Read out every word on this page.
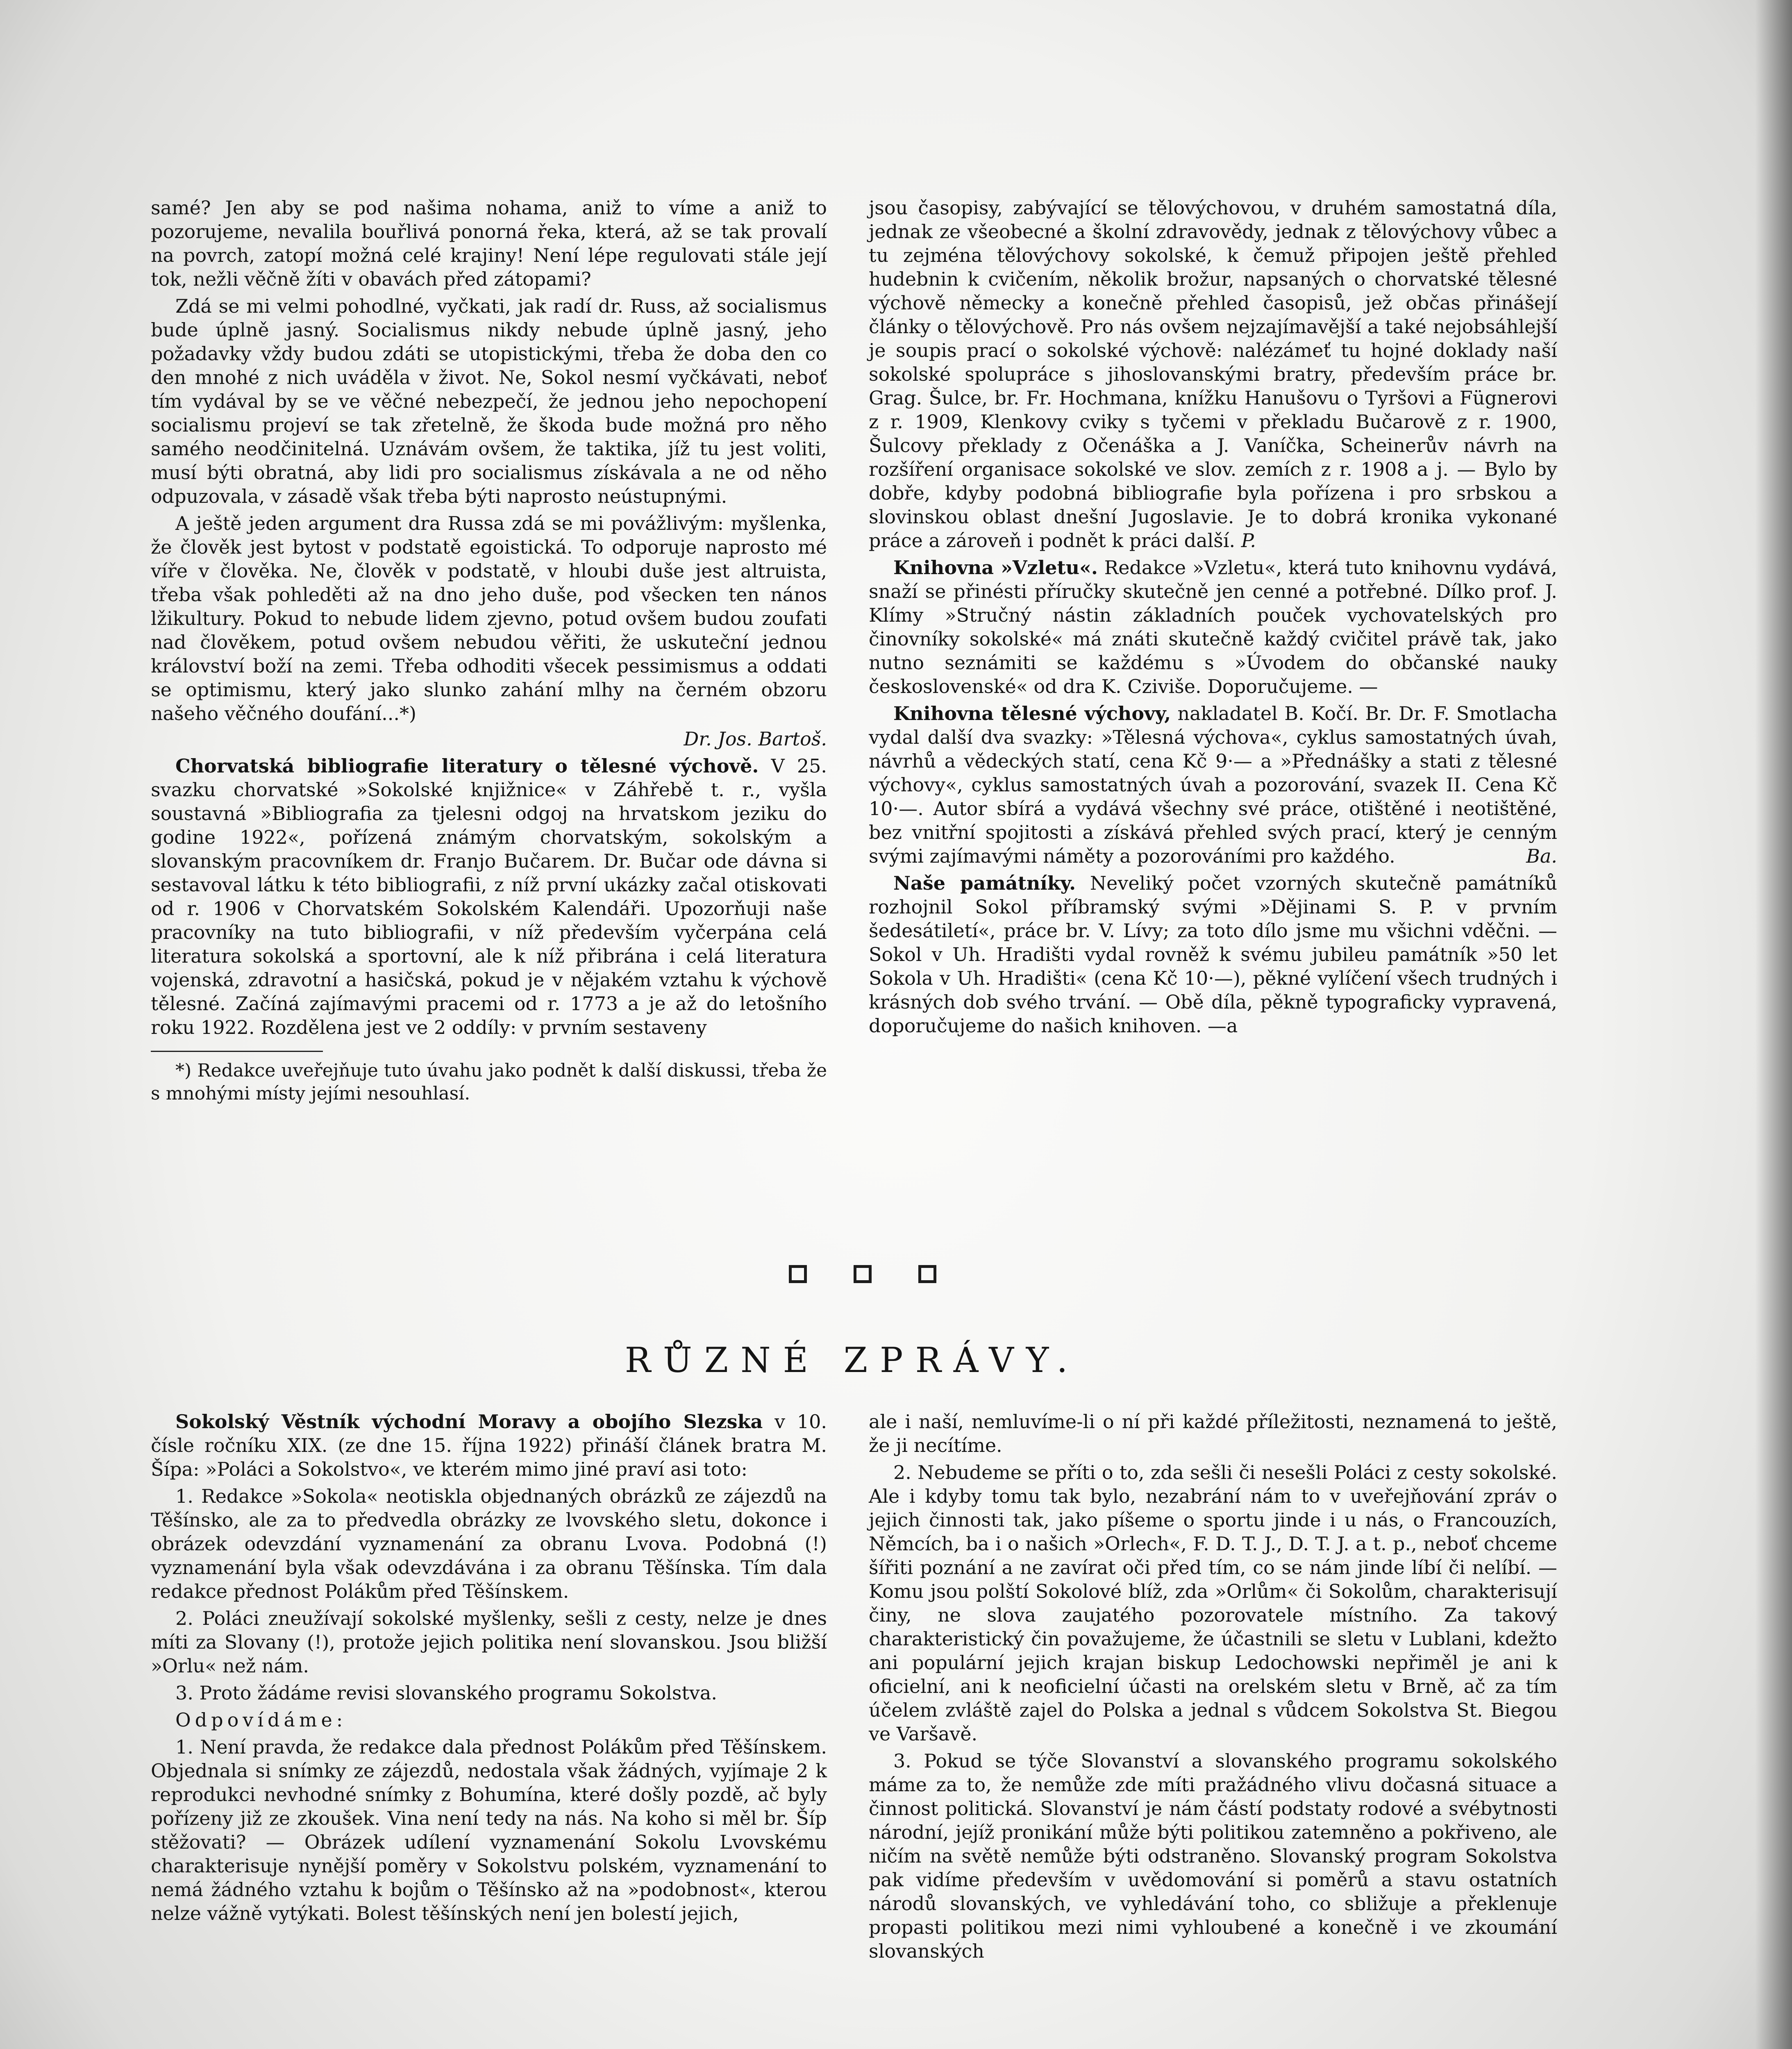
samé? Jen aby se pod našima nohama, aniž to víme a aniž to pozorujeme, nevalila bouřlivá ponorná řeka, která, až se tak provalí na povrch, zatopí možná celé krajiny! Není lépe regulovati stále její tok, nežli věčně žíti v obavách před zátopami?

Zdá se mi velmi pohodlné, vyčkati, jak radí dr. Russ, až socialismus bude úplně jasný. Socialismus nikdy nebude úplně jasný, jeho požadavky vždy budou zdáti se utopistickými, třeba že doba den co den mnohé z nich uváděla v život. Ne, Sokol nesmí vyčkávati, neboť tím vydával by se ve věčné nebezpečí, že jednou jeho nepochopení socialismu projeví se tak zřetelně, že škoda bude možná pro něho samého neodčinitelná. Uznávám ovšem, že taktika, jíž tu jest voliti, musí býti obratná, aby lidi pro socialismus získávala a ne od něho odpuzovala, v zásadě však třeba býti naprosto neústupnými.

A ještě jeden argument dra Russa zdá se mi povážlivým: myšlenka, že člověk jest bytost v podstatě egoistická. To odporuje naprosto mé víře v člověka. Ne, člověk v podstatě, v hloubi duše jest altruista, třeba však pohleděti až na dno jeho duše, pod všecken ten nános lžikultury. Pokud to nebude lidem zjevno, potud ovšem budou zoufati nad člověkem, potud ovšem nebudou věřiti, že uskuteční jednou království boží na zemi. Třeba odhoditi všecek pessimismus a oddati se optimismu, který jako slunko zahání mlhy na černém obzoru našeho věčného doufání...*)

Dr. Jos. Bartoš.

Chorvatská bibliografie literatury o tělesné výchově. V 25. svazku chorvatské »Sokolské knjižnice« v Záhřebě t. r., vyšla soustavná »Bibliografia za tjelesni odgoj na hrvatskom jeziku do godine 1922«, pořízená známým chorvatským, sokolským a slovanským pracovníkem dr. Franjo Bučarem. Dr. Bučar ode dávna si sestavoval látku k této bibliografii, z níž první ukázky začal otiskovati od r. 1906 v Chorvatském Sokolském Kalendáři. Upozorňuji naše pracovníky na tuto bibliografii, v níž především vyčerpána celá literatura sokolská a sportovní, ale k níž přibrána i celá literatura vojenská, zdravotní a hasičská, pokud je v nějakém vztahu k výchově tělesné. Začíná zajímavými pracemi od r. 1773 a je až do letošního roku 1922. Rozdělena jest ve 2 oddíly: v prvním sestaveny

*) Redakce uveřejňuje tuto úvahu jako podnět k další diskussi, třeba že s mnohými místy jejími nesouhlasí.

jsou časopisy, zabývající se tělovýchovou, v druhém samostatná díla, jednak ze všeobecné a školní zdravovědy, jednak z tělovýchovy vůbec a tu zejména tělovýchovy sokolské, k čemuž připojen ještě přehled hudebnin k cvičením, několik brožur, napsaných o chorvatské tělesné výchově německy a konečně přehled časopisů, jež občas přinášejí články o tělovýchově. Pro nás ovšem nejzajímavější a také nejobsáhlejší je soupis prací o sokolské výchově: nalézámeť tu hojné doklady naší sokolské spolupráce s jihoslovanskými bratry, především práce br. Grag. Šulce, br. Fr. Hochmana, knížku Hanušovu o Tyršovi a Fügnerovi z r. 1909, Klenkovy cviky s tyčemi v překladu Bučarově z r. 1900, Šulcovy překlady z Očenáška a J. Vaníčka, Scheinerův návrh na rozšíření organisace sokolské ve slov. zemích z r. 1908 a j. — Bylo by dobře, kdyby podobná bibliografie byla pořízena i pro srbskou a slovinskou oblast dnešní Jugoslavie. Je to dobrá kronika vykonané práce a zároveň i podnět k práci další. P.

Knihovna »Vzletu«. Redakce »Vzletu«, která tuto knihovnu vydává, snaží se přinésti příručky skutečně jen cenné a potřebné. Dílko prof. J. Klímy »Stručný nástin základních pouček vychovatelských pro činovníky sokolské« má znáti skutečně každý cvičitel právě tak, jako nutno seznámiti se každému s »Úvodem do občanské nauky československé« od dra K. Cziviše. Doporučujeme. —

Knihovna tělesné výchovy, nakladatel B. Kočí. Br. Dr. F. Smotlacha vydal další dva svazky: »Tělesná výchova«, cyklus samostatných úvah, návrhů a vědeckých statí, cena Kč 9·— a »Přednášky a stati z tělesné výchovy«, cyklus samostatných úvah a pozorování, svazek II. Cena Kč 10·—. Autor sbírá a vydává všechny své práce, otištěné i neotištěné, bez vnitřní spojitosti a získává přehled svých prací, který je cenným svými zajímavými náměty a pozorováními pro každého.	Ba.

Naše památníky. Neveliký počet vzorných skutečně památníků rozhojnil Sokol příbramský svými »Dějinami S. P. v prvním šedesátiletí«, práce br. V. Lívy; za toto dílo jsme mu všichni vděčni. — Sokol v Uh. Hradišti vydal rovněž k svému jubileu památník »50 let Sokola v Uh. Hradišti« (cena Kč 10·—), pěkné vylíčení všech trudných i krásných dob svého trvání. — Obě díla, pěkně typograficky vypravená, doporučujeme do našich knihoven. —a

RŮZNÉ ZPRÁVY.

Sokolský Věstník východní Moravy a obojího Slezska v 10. čísle ročníku XIX. (ze dne 15. října 1922) přináší článek bratra M. Šípa: »Poláci a Sokolstvo«, ve kterém mimo jiné praví asi toto:

1. Redakce »Sokola« neotiskla objednaných obrázků ze zájezdů na Těšínsko, ale za to předvedla obrázky ze lvovského sletu, dokonce i obrázek odevzdání vyznamenání za obranu Lvova. Podobná (!) vyznamenání byla však odevzdávána i za obranu Těšínska. Tím dala redakce přednost Polákům před Těšínskem.

2. Poláci zneužívají sokolské myšlenky, sešli z cesty, nelze je dnes míti za Slovany (!), protože jejich politika není slovanskou. Jsou bližší »Orlu« než nám.

3. Proto žádáme revisi slovanského programu Sokolstva.

Odpovídáme:

1. Není pravda, že redakce dala přednost Polákům před Těšínskem. Objednala si snímky ze zájezdů, nedostala však žádných, vyjímaje 2 k reprodukci nevhodné snímky z Bohumína, které došly pozdě, ač byly pořízeny již ze zkoušek. Vina není tedy na nás. Na koho si měl br. Šíp stěžovati? — Obrázek udílení vyznamenání Sokolu Lvovskému charakterisuje nynější poměry v Sokolstvu polském, vyznamenání to nemá žádného vztahu k bojům o Těšínsko až na »podobnost«, kterou nelze vážně vytýkati. Bolest těšínských není jen bolestí jejich,

ale i naší, nemluvíme-li o ní při každé příležitosti, neznamená to ještě, že ji necítíme.

2. Nebudeme se příti o to, zda sešli či nesešli Poláci z cesty sokolské. Ale i kdyby tomu tak bylo, nezabrání nám to v uveřejňování zpráv o jejich činnosti tak, jako píšeme o sportu jinde i u nás, o Francouzích, Němcích, ba i o našich »Orlech«, F. D. T. J., D. T. J. a t. p., neboť chceme šířiti poznání a ne zavírat oči před tím, co se nám jinde líbí či nelíbí. — Komu jsou polští Sokolové blíž, zda »Orlům« či Sokolům, charakterisují činy, ne slova zaujatého pozorovatele místního. Za takový charakteristický čin považujeme, že účastnili se sletu v Lublani, kdežto ani populární jejich krajan biskup Ledochowski nepřiměl je ani k oficielní, ani k neoficielní účasti na orelském sletu v Brně, ač za tím účelem zvláště zajel do Polska a jednal s vůdcem Sokolstva St. Biegou ve Varšavě.

3. Pokud se týče Slovanství a slovanského programu sokolského máme za to, že nemůže zde míti pražádného vlivu dočasná situace a činnost politická. Slovanství je nám částí podstaty rodové a svébytnosti národní, jejíž pronikání může býti politikou zatemněno a pokřiveno, ale ničím na světě nemůže býti odstraněno. Slovanský program Sokolstva pak vidíme především v uvědomování si poměrů a stavu ostatních národů slovanských, ve vyhledávání toho, co sbližuje a překlenuje propasti politikou mezi nimi vyhloubené a konečně i ve zkoumání slovanských
